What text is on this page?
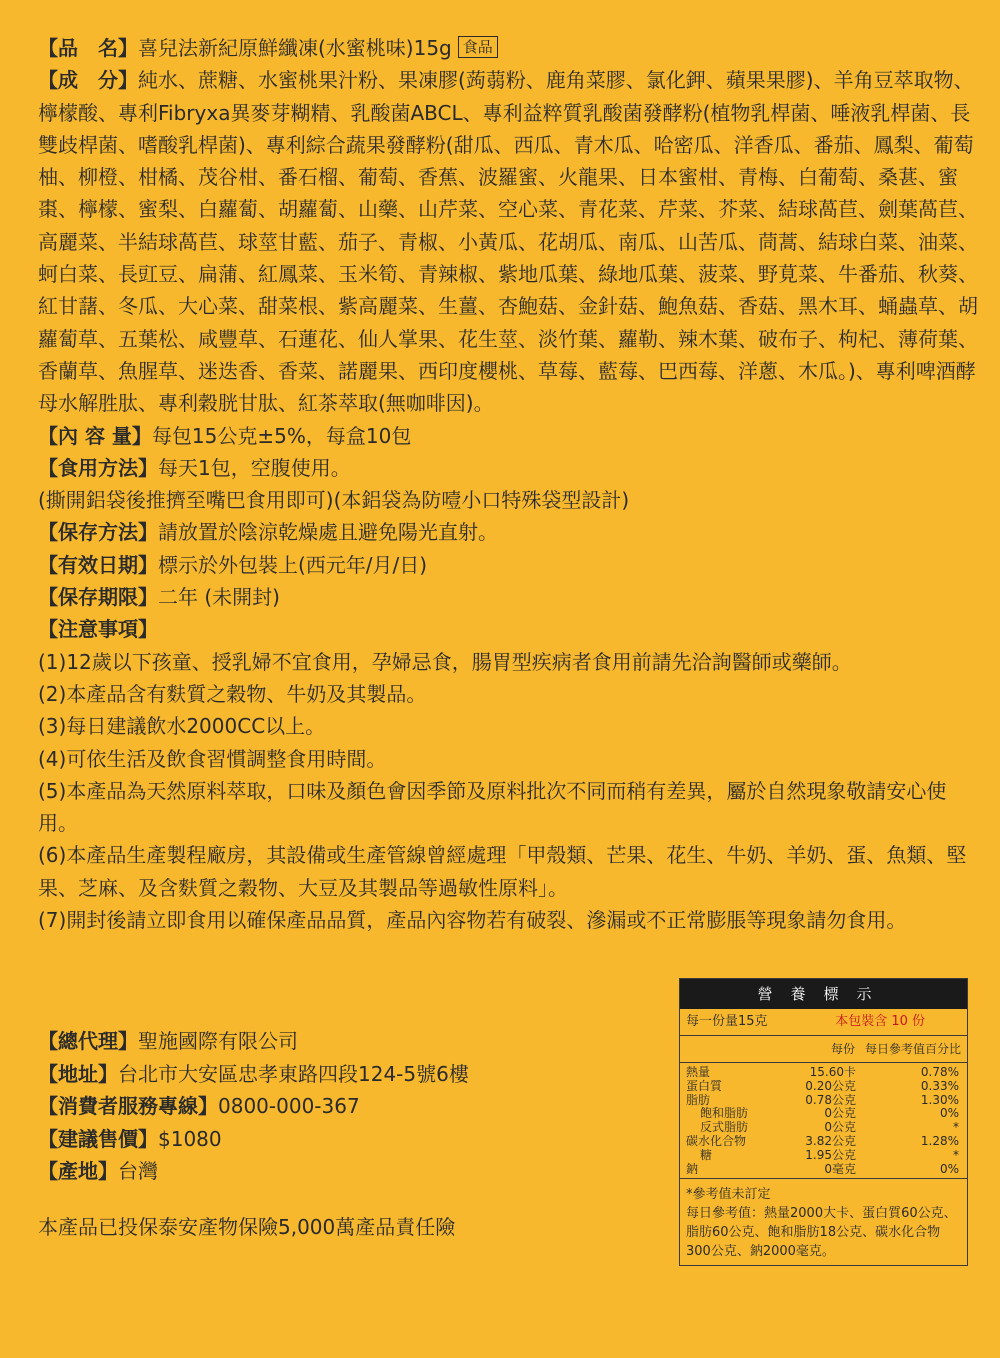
【品　名】喜兒法新紀原鮮纖凍(水蜜桃味)15g 食品

【成　分】純水、蔗糖、水蜜桃果汁粉、果凍膠(蒟蒻粉、鹿角菜膠、氯化鉀、蘋果果膠)、羊角豆萃取物、檸檬酸、專利Fibryxa異麥芽糊精、乳酸菌ABCL、專利益粹質乳酸菌發酵粉(植物乳桿菌、唾液乳桿菌、長雙歧桿菌、嗜酸乳桿菌)、專利綜合蔬果發酵粉(甜瓜、西瓜、青木瓜、哈密瓜、洋香瓜、番茄、鳳梨、葡萄柚、柳橙、柑橘、茂谷柑、番石榴、葡萄、香蕉、波羅蜜、火龍果、日本蜜柑、青梅、白葡萄、桑葚、蜜棗、檸檬、蜜梨、白蘿蔔、胡蘿蔔、山藥、山芹菜、空心菜、青花菜、芹菜、芥菜、結球萵苣、劍葉萵苣、高麗菜、半結球萵苣、球莖甘藍、茄子、青椒、小黃瓜、花胡瓜、南瓜、山苦瓜、茼蒿、結球白菜、油菜、蚵白菜、長豇豆、扁蒲、紅鳳菜、玉米筍、青辣椒、紫地瓜葉、綠地瓜葉、菠菜、野莧菜、牛番茄、秋葵、紅甘藷、冬瓜、大心菜、甜菜根、紫高麗菜、生薑、杏鮑菇、金針菇、鮑魚菇、香菇、黑木耳、蛹蟲草、胡蘿蔔草、五葉松、咸豐草、石蓮花、仙人掌果、花生莖、淡竹葉、蘿勒、辣木葉、破布子、枸杞、薄荷葉、香蘭草、魚腥草、迷迭香、香菜、諾麗果、西印度櫻桃、草莓、藍莓、巴西莓、洋蔥、木瓜。)、專利啤酒酵母水解胜肽、專利穀胱甘肽、紅茶萃取(無咖啡因)。

【內 容 量】每包15公克±5%，每盒10包

【食用方法】每天1包，空腹使用。

(撕開鋁袋後推擠至嘴巴食用即可)(本鋁袋為防噎小口特殊袋型設計)

【保存方法】請放置於陰涼乾燥處且避免陽光直射。

【有效日期】標示於外包裝上(西元年/月/日)

【保存期限】二年 (未開封)

【注意事項】

(1)12歲以下孩童、授乳婦不宜食用，孕婦忌食，腸胃型疾病者食用前請先洽詢醫師或藥師。

(2)本產品含有麩質之穀物、牛奶及其製品。

(3)每日建議飲水2000CC以上。

(4)可依生活及飲食習慣調整食用時間。

(5)本產品為天然原料萃取，口味及顏色會因季節及原料批次不同而稍有差異，屬於自然現象敬請安心使用。

(6)本產品生產製程廠房，其設備或生產管線曾經處理「甲殼類、芒果、花生、牛奶、羊奶、蛋、魚類、堅果、芝麻、及含麩質之穀物、大豆及其製品等過敏性原料」。

(7)開封後請立即食用以確保產品品質，產品內容物若有破裂、滲漏或不正常膨脹等現象請勿食用。

【總代理】聖施國際有限公司

【地址】台北市大安區忠孝東路四段124-5號6樓

【消費者服務專線】0800-000-367

【建議售價】$1080

【產地】台灣

本產品已投保泰安產物保險5,000萬產品責任險

營養標示
每一份量15克	本包裝含 10 份
每份 每日參考值百分比
熱量	15.60卡	0.78%
蛋白質	0.20公克	0.33%
脂肪	0.78公克	1.30%
飽和脂肪	0公克	0%
反式脂肪	0公克	*
碳水化合物	3.82公克	1.28%
糖	1.95公克	*
鈉	0毫克	0%
*參考值未訂定
每日參考值：熱量2000大卡、蛋白質60公克、脂肪60公克、飽和脂肪18公克、碳水化合物300公克、鈉2000毫克。
